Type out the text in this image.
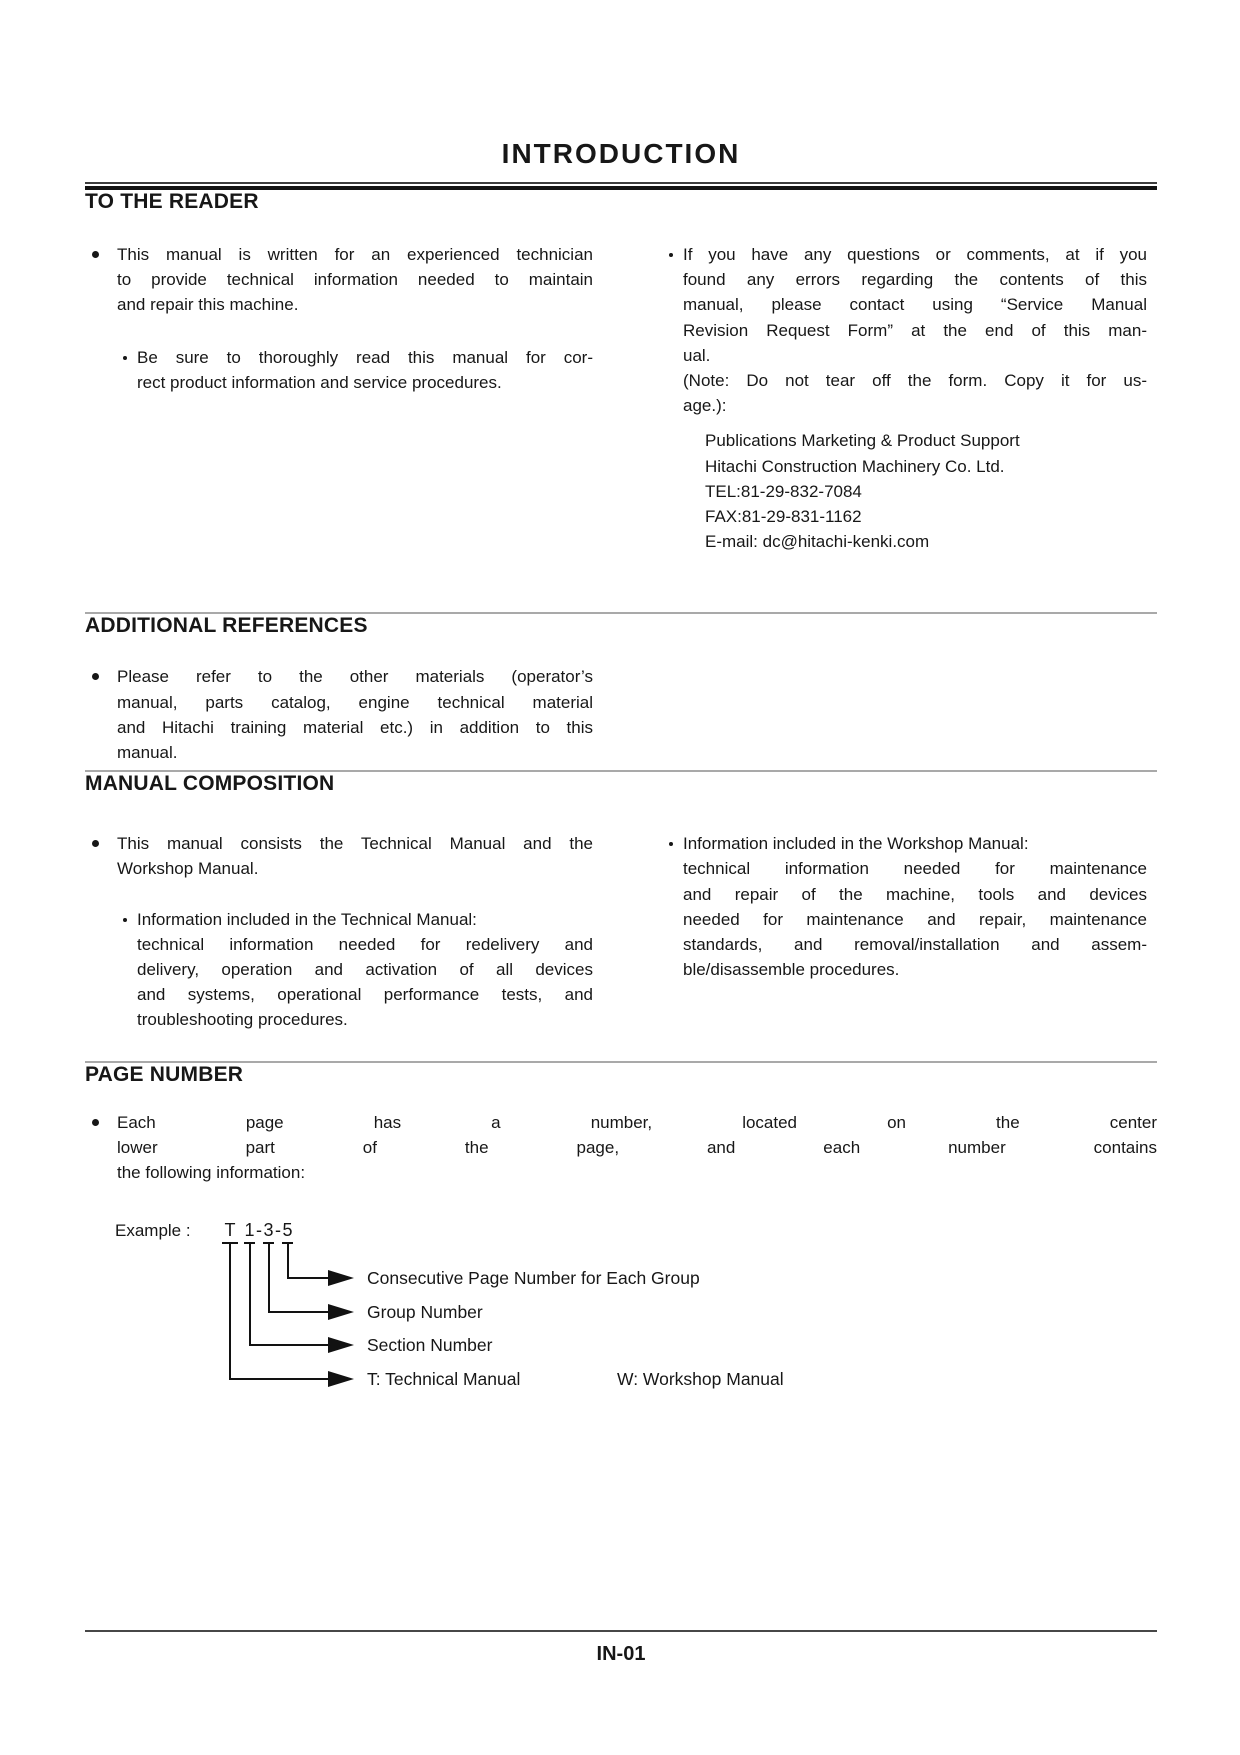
INTRODUCTION
TO THE READER
This manual is written for an experienced technician
to provide technical information needed to maintain
and repair this machine.
Be sure to thoroughly read this manual for cor-
rect product information and service procedures.
If you have any questions or comments, at if you
found any errors regarding the contents of this
manual, please contact using “Service Manual
Revision Request Form” at the end of this man-
ual.
(Note: Do not tear off the form. Copy it for us-
age.):
Publications Marketing & Product Support
Hitachi Construction Machinery Co. Ltd.
TEL:81-29-832-7084
FAX:81-29-831-1162
E-mail: dc@hitachi-kenki.com
ADDITIONAL REFERENCES
Please refer to the other materials (operator’s
manual, parts catalog, engine technical material
and Hitachi training material etc.) in addition to this
manual.
MANUAL COMPOSITION
This manual consists the Technical Manual and the
Workshop Manual.
Information included in the Technical Manual:
technical information needed for redelivery and
delivery, operation and activation of all devices
and systems, operational performance tests, and
troubleshooting procedures.
Information included in the Workshop Manual:
technical information needed for maintenance
and repair of the machine, tools and devices
needed for maintenance and repair, maintenance
standards, and removal/installation and assem-
ble/disassemble procedures.
PAGE NUMBER
Each page has a number, located on the center
lower part of the page, and each number contains
the following information:
Example : T 1-3-5
Consecutive Page Number for Each Group
Group Number
Section Number
T: Technical Manual	W: Workshop Manual
IN-01
